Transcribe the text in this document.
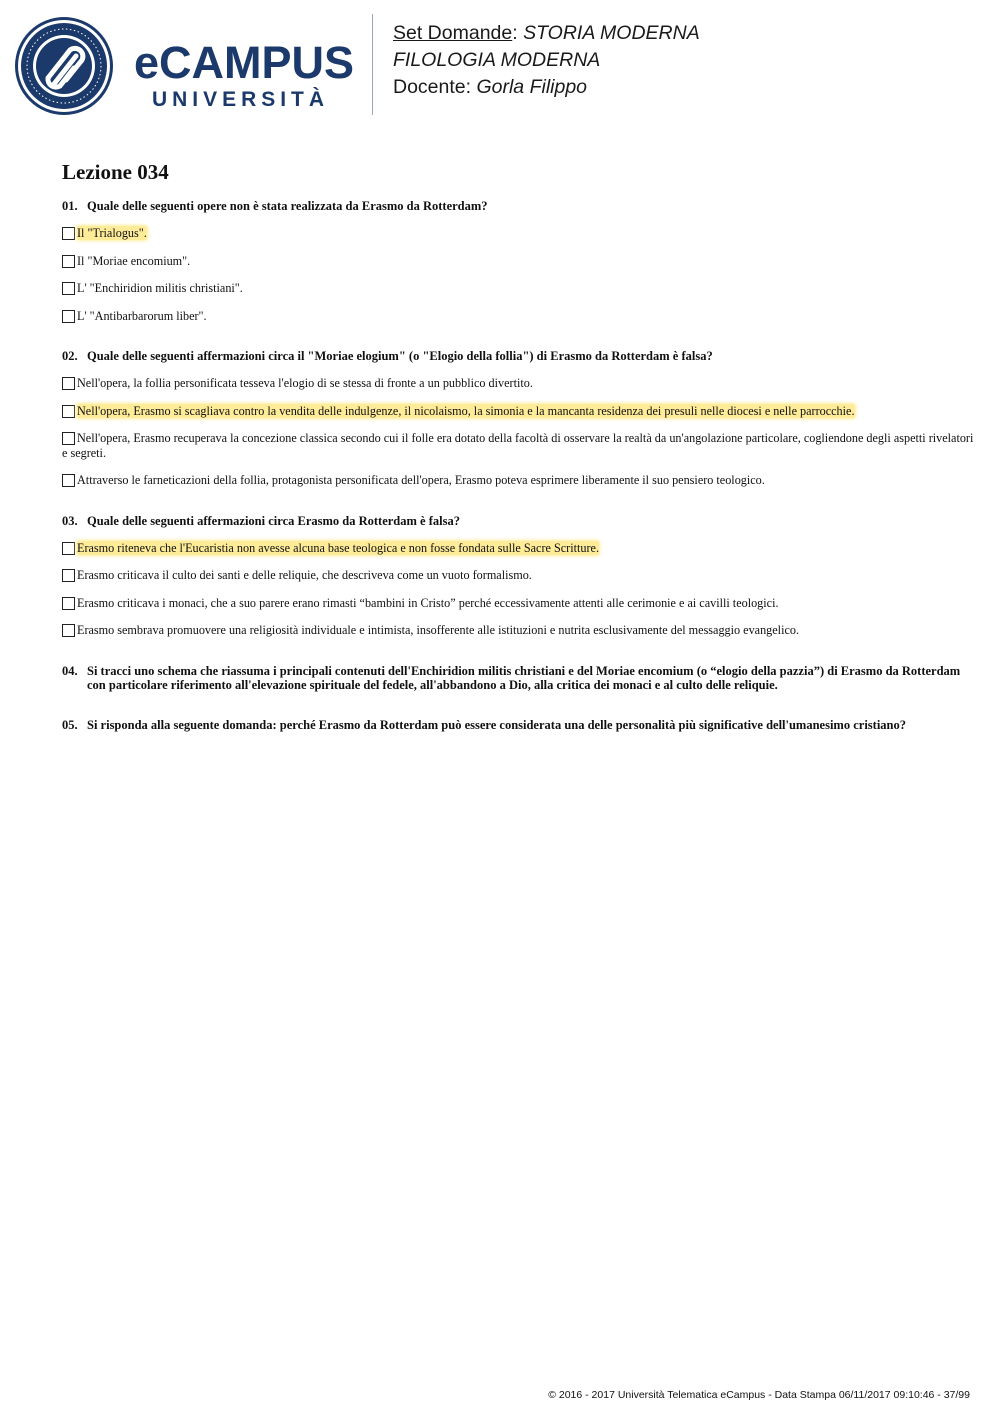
eCAMPUS
UNIVERSITÀ
Set Domande: STORIA MODERNA
FILOLOGIA MODERNA
Docente: Gorla Filippo
Lezione 034
01. Quale delle seguenti opere non è stata realizzata da Erasmo da Rotterdam?
Il "Trialogus".
Il "Moriae encomium".
L' "Enchiridion militis christiani".
L' "Antibarbarorum liber".
02. Quale delle seguenti affermazioni circa il "Moriae elogium" (o "Elogio della follia") di Erasmo da Rotterdam è falsa?
Nell'opera, la follia personificata tesseva l'elogio di se stessa di fronte a un pubblico divertito.
Nell'opera, Erasmo si scagliava contro la vendita delle indulgenze, il nicolaismo, la simonia e la mancanta residenza dei presuli nelle diocesi e nelle parrocchie.
Nell'opera, Erasmo recuperava la concezione classica secondo cui il folle era dotato della facoltà di osservare la realtà da un'angolazione particolare, cogliendone degli aspetti rivelatori e segreti.
Attraverso le farneticazioni della follia, protagonista personificata dell'opera, Erasmo poteva esprimere liberamente il suo pensiero teologico.
03. Quale delle seguenti affermazioni circa Erasmo da Rotterdam è falsa?
Erasmo riteneva che l'Eucaristia non avesse alcuna base teologica e non fosse fondata sulle Sacre Scritture.
Erasmo criticava il culto dei santi e delle reliquie, che descriveva come un vuoto formalismo.
Erasmo criticava i monaci, che a suo parere erano rimasti “bambini in Cristo” perché eccessivamente attenti alle cerimonie e ai cavilli teologici.
Erasmo sembrava promuovere una religiosità individuale e intimista, insofferente alle istituzioni e nutrita esclusivamente del messaggio evangelico.
04. Si tracci uno schema che riassuma i principali contenuti dell'Enchiridion militis christiani e del Moriae encomium (o “elogio della pazzia”) di Erasmo da Rotterdam con particolare riferimento all'elevazione spirituale del fedele, all'abbandono a Dio, alla critica dei monaci e al culto delle reliquie.
05. Si risponda alla seguente domanda: perché Erasmo da Rotterdam può essere considerata una delle personalità più significative dell'umanesimo cristiano?
© 2016 - 2017 Università Telematica eCampus - Data Stampa 06/11/2017 09:10:46 - 37/99
